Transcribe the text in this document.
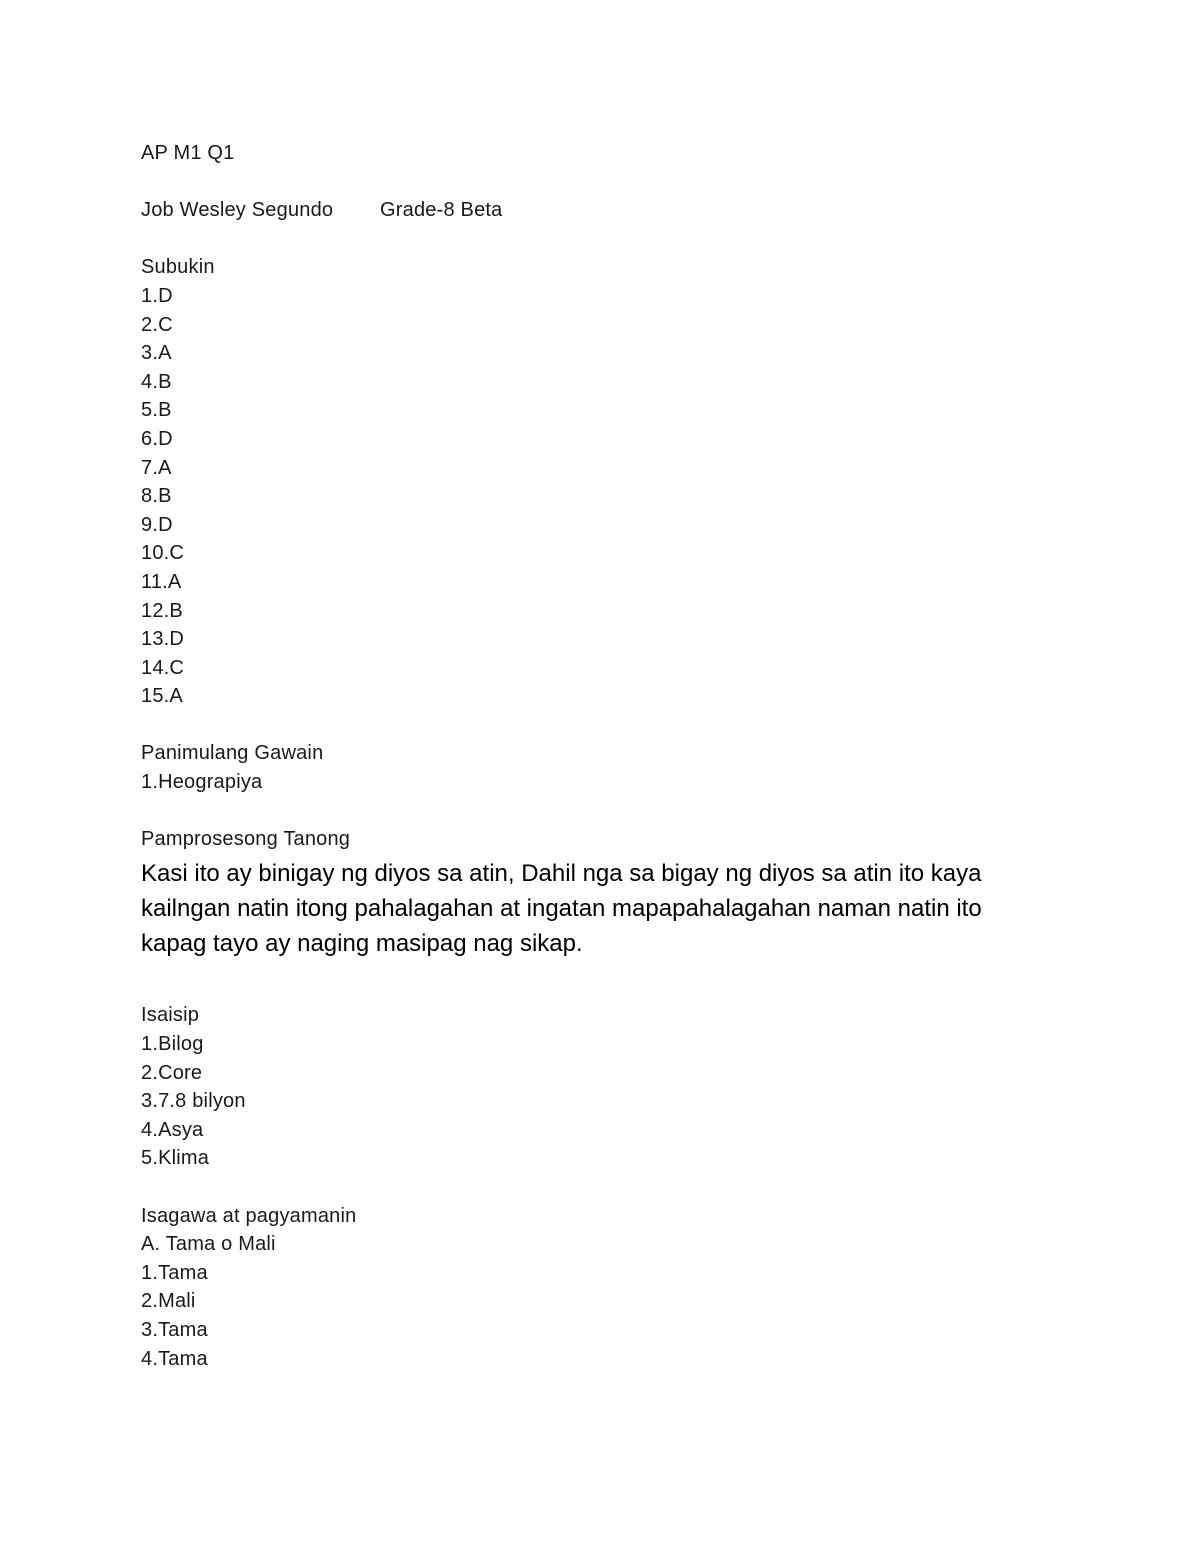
AP M1 Q1
Job Wesley Segundo	Grade-8 Beta
Subukin
1.D
2.C
3.A
4.B
5.B
6.D
7.A
8.B
9.D
10.C
11.A
12.B
13.D
14.C
15.A
Panimulang Gawain
1.Heograpiya
Pamprosesong Tanong
Kasi ito ay binigay ng diyos sa atin, Dahil nga sa bigay ng diyos sa atin ito kaya kailngan natin itong pahalagahan at ingatan mapapahalagahan naman natin ito kapag tayo ay naging masipag nag sikap.
Isaisip
1.Bilog
2.Core
3.7.8 bilyon
4.Asya
5.Klima
Isagawa at pagyamanin
A. Tama o Mali
1.Tama
2.Mali
3.Tama
4.Tama
